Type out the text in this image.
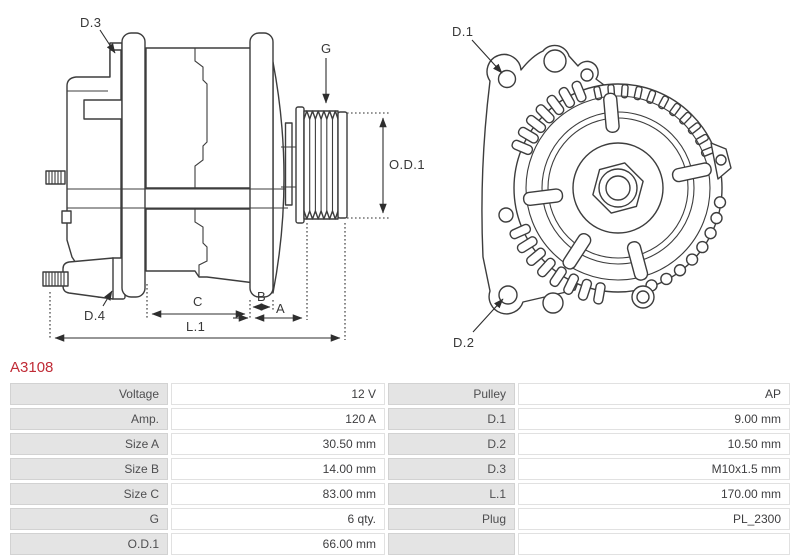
D.3
D.4
G
O.D.1
C	B
A
L.1
D.1
D.2
A3108
Voltage	12 V	Pulley	AP
Amp.	120 A	D.1	9.00 mm
Size A	30.50 mm	D.2	10.50 mm
Size B	14.00 mm	D.3	M10x1.5 mm
Size C	83.00 mm	L.1	170.00 mm
G	6 qty.	Plug	PL_2300
O.D.1	66.00 mm
